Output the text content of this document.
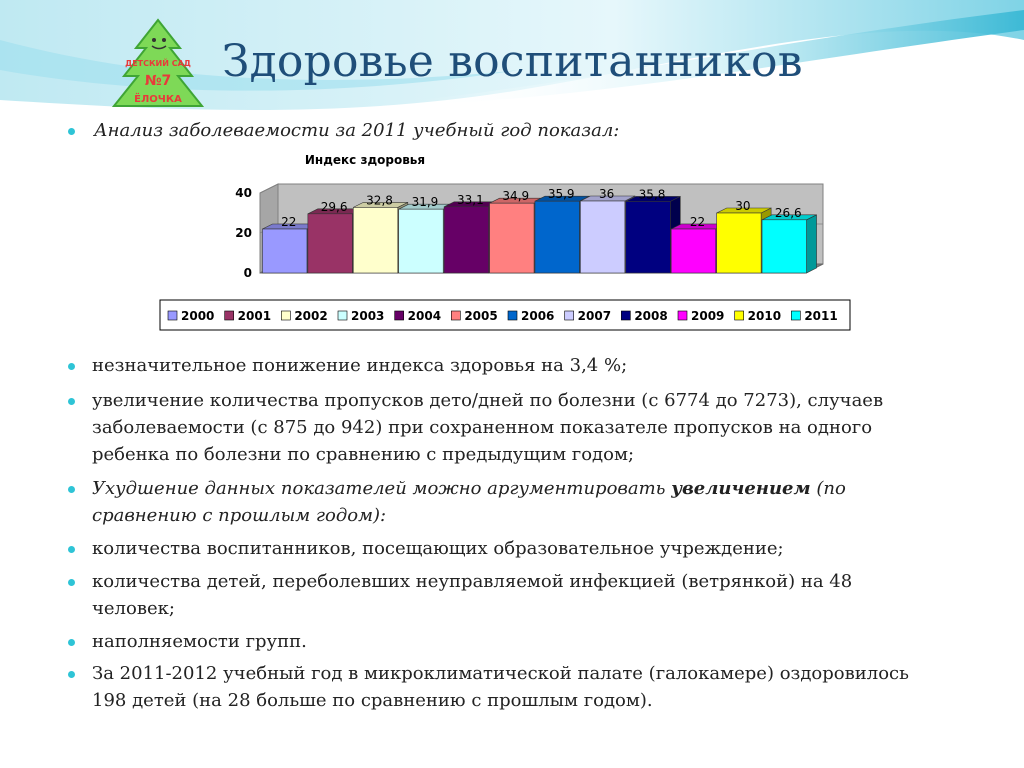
ДЕТСКИЙ САД
№7
ЁЛОЧКА
Здоровье воспитанников
Анализ заболеваемости за 2011 учебный год показал:
Индекс здоровья
0
20
40
22
29,6 32,8 31,9 33,1 34,9 35,9 36 35,8
22
30 26,6
2000 2001 2002 2003 2004 2005 2006 2007 2008 2009 2010 2011
незначительное понижение индекса здоровья на 3,4 %;
увеличение количества пропусков дето/дней по болезни (с 6774 до 7273), случаев
заболеваемости (с 875 до 942) при сохраненном показателе пропусков на одного
ребенка по болезни по сравнению с предыдущим годом;
Ухудшение данных показателей можно аргументировать увеличением (по
сравнению с прошлым годом):
количества воспитанников, посещающих образовательное учреждение;
количества детей, переболевших неуправляемой инфекцией (ветрянкой) на 48
человек;
наполняемости групп.
За 2011-2012 учебный год в микроклиматической палате (галокамере) оздоровилось
198 детей (на 28 больше по сравнению с прошлым годом).
